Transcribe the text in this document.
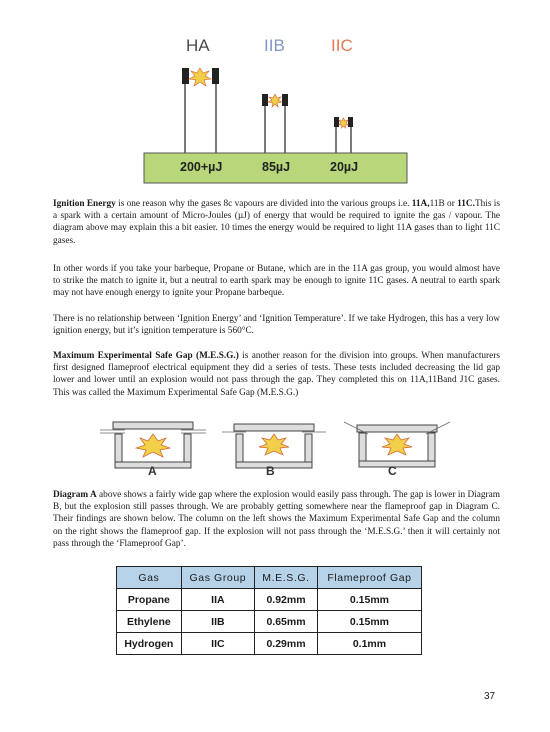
HA	IIB	IIC
200+µJ	85µJ	20µJ

Ignition Energy is one reason why the gases 8c vapours are divided into the various groups i.e. 11A,11B or 11C.This is a spark with a certain amount of Micro-Joules (µJ) of energy that would be required to ignite the gas / vapour. The diagram above may explain this a bit easier. 10 times the energy would be required to light 11A gases than to light 11C gases.

In other words if you take your barbeque, Propane or Butane, which are in the 11A gas group, you would almost have to strike the match to ignite it, but a neutral to earth spark may be enough to ignite 11C gases. A neutral to earth spark may not have enough energy to ignite your Propane barbeque.

There is no relationship between ‘Ignition Energy’ and ‘Ignition Temperature’. If we take Hydrogen, this has a very low ignition energy, but it’s ignition temperature is 560°C.

Maximum Experimental Safe Gap (M.E.S.G.) is another reason for the division into groups. When manufacturers first designed flameproof electrical equipment they did a series of tests. These tests included decreasing the lid gap lower and lower until an explosion would not pass through the gap. They completed this on 11A,11Band J1C gases. This was called the Maximum Experimental Safe Gap (M.E.S.G.)

A	B	C

Diagram A above shows a fairly wide gap where the explosion would easily pass through. The gap is lower in Diagram B, but the explosion still passes through. We are probably getting somewhere near the flameproof gap in Diagram C. Their findings are shown below. The column on the left shows the Maximum Experimental Safe Gap and the column on the right shows the flameproof gap. If the explosion will not pass through the ‘M.E.S.G.’ then it will certainly not pass through the ‘Flameproof Gap’.

Gas	Gas Group	M.E.S.G.	Flameproof Gap
Propane	IIA	0.92mm	0.15mm
Ethylene	IIB	0.65mm	0.15mm
Hydrogen	IIC	0.29mm	0.1mm
37
